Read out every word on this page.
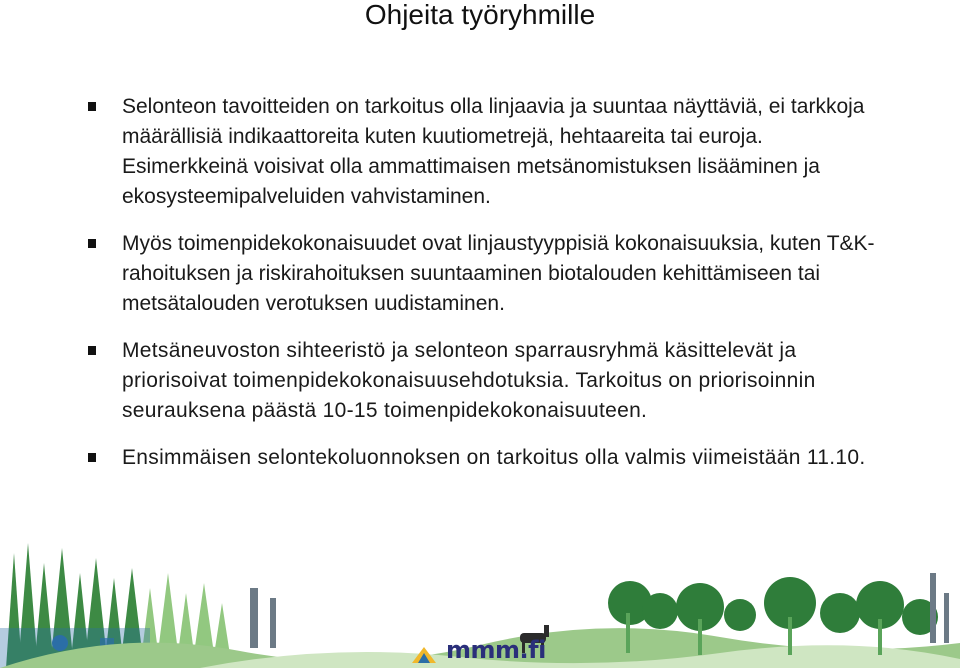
Ohjeita työryhmille
Selonteon tavoitteiden on tarkoitus olla linjaavia ja suuntaa näyttäviä, ei tarkkoja määrällisiä indikaattoreita kuten kuutiometrejä, hehtaareita tai euroja. Esimerkkeinä voisivat olla ammattimaisen metsänomistuksen lisääminen ja ekosysteemipalveluiden vahvistaminen.
Myös toimenpidekokonaisuudet ovat linjaustyyppisiä kokonaisuuksia, kuten T&K-rahoituksen ja riskirahoituksen suuntaaminen biotalouden kehittämiseen tai metsätalouden verotuksen uudistaminen.
Metsäneuvoston sihteeristö ja selonteon sparrausryhmä käsittelevät ja priorisoivat toimenpidekokonaisuusehdotuksia. Tarkoitus on priorisoinnin seurauksena päästä 10-15 toimenpidekokonaisuuteen.
Ensimmäisen selontekoluonnoksen on tarkoitus olla valmis viimeistään 11.10.
mmm.fi
